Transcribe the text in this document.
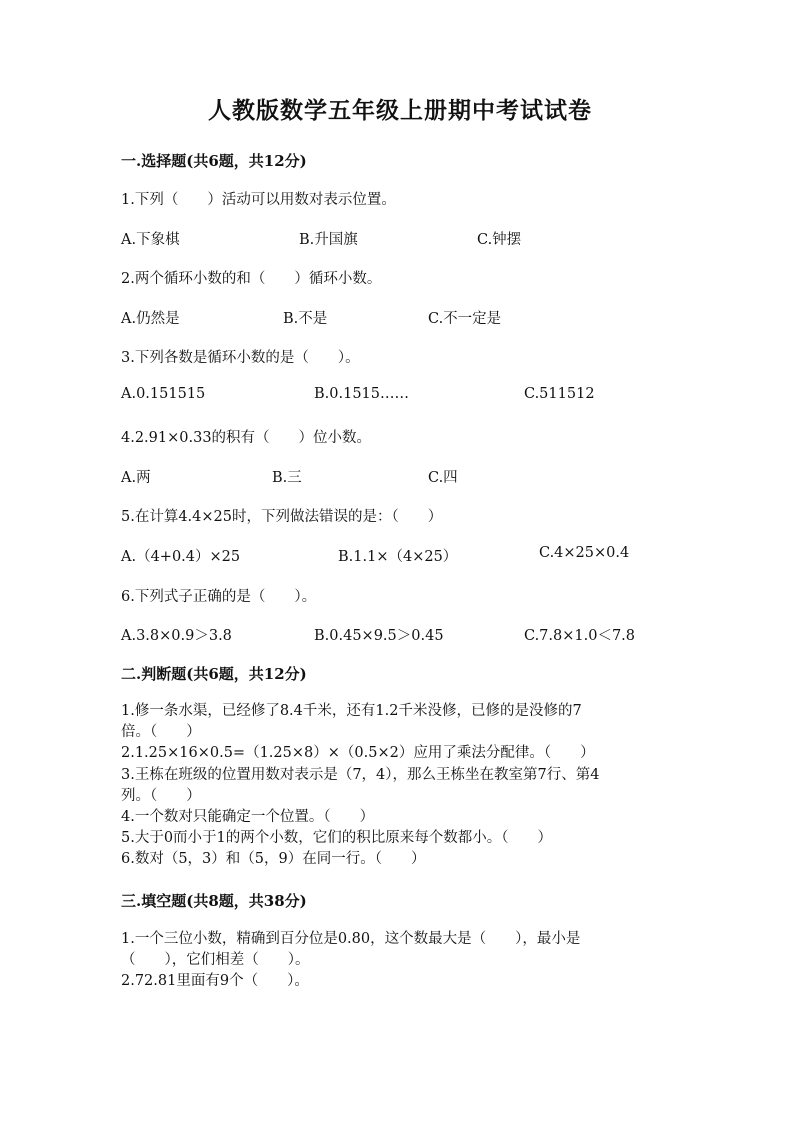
人教版数学五年级上册期中考试试卷
一.选择题(共6题，共12分)
1.下列（　　）活动可以用数对表示位置。
A.下象棋	B.升国旗	C.钟摆
2.两个循环小数的和（　　）循环小数。
A.仍然是	B.不是	C.不一定是
3.下列各数是循环小数的是（　　）。
A.0.151515	B.0.1515……	C.511512
4.2.91×0.33的积有（　　）位小数。
A.两	B.三	C.四
5.在计算4.4×25时，下列做法错误的是：（　　）
A.（4+0.4）×25	B.1.1×（4×25）	C.4×25×0.4
6.下列式子正确的是（　　）。
A.3.8×0.9＞3.8	B.0.45×9.5＞0.45	C.7.8×1.0＜7.8
二.判断题(共6题，共12分)
1.修一条水渠，已经修了8.4千米，还有1.2千米没修，已修的是没修的7
倍。（　　）
2.1.25×16×0.5=（1.25×8）×（0.5×2）应用了乘法分配律。（　　）
3.王栋在班级的位置用数对表示是（7，4），那么王栋坐在教室第7行、第4
列。（　　）
4.一个数对只能确定一个位置。（　　）
5.大于0而小于1的两个小数，它们的积比原来每个数都小。（　　）
6.数对（5，3）和（5，9）在同一行。（　　）
三.填空题(共8题，共38分)
1.一个三位小数，精确到百分位是0.80，这个数最大是（　　），最小是
（　　），它们相差（　　）。
2.72.81里面有9个（　　）。
